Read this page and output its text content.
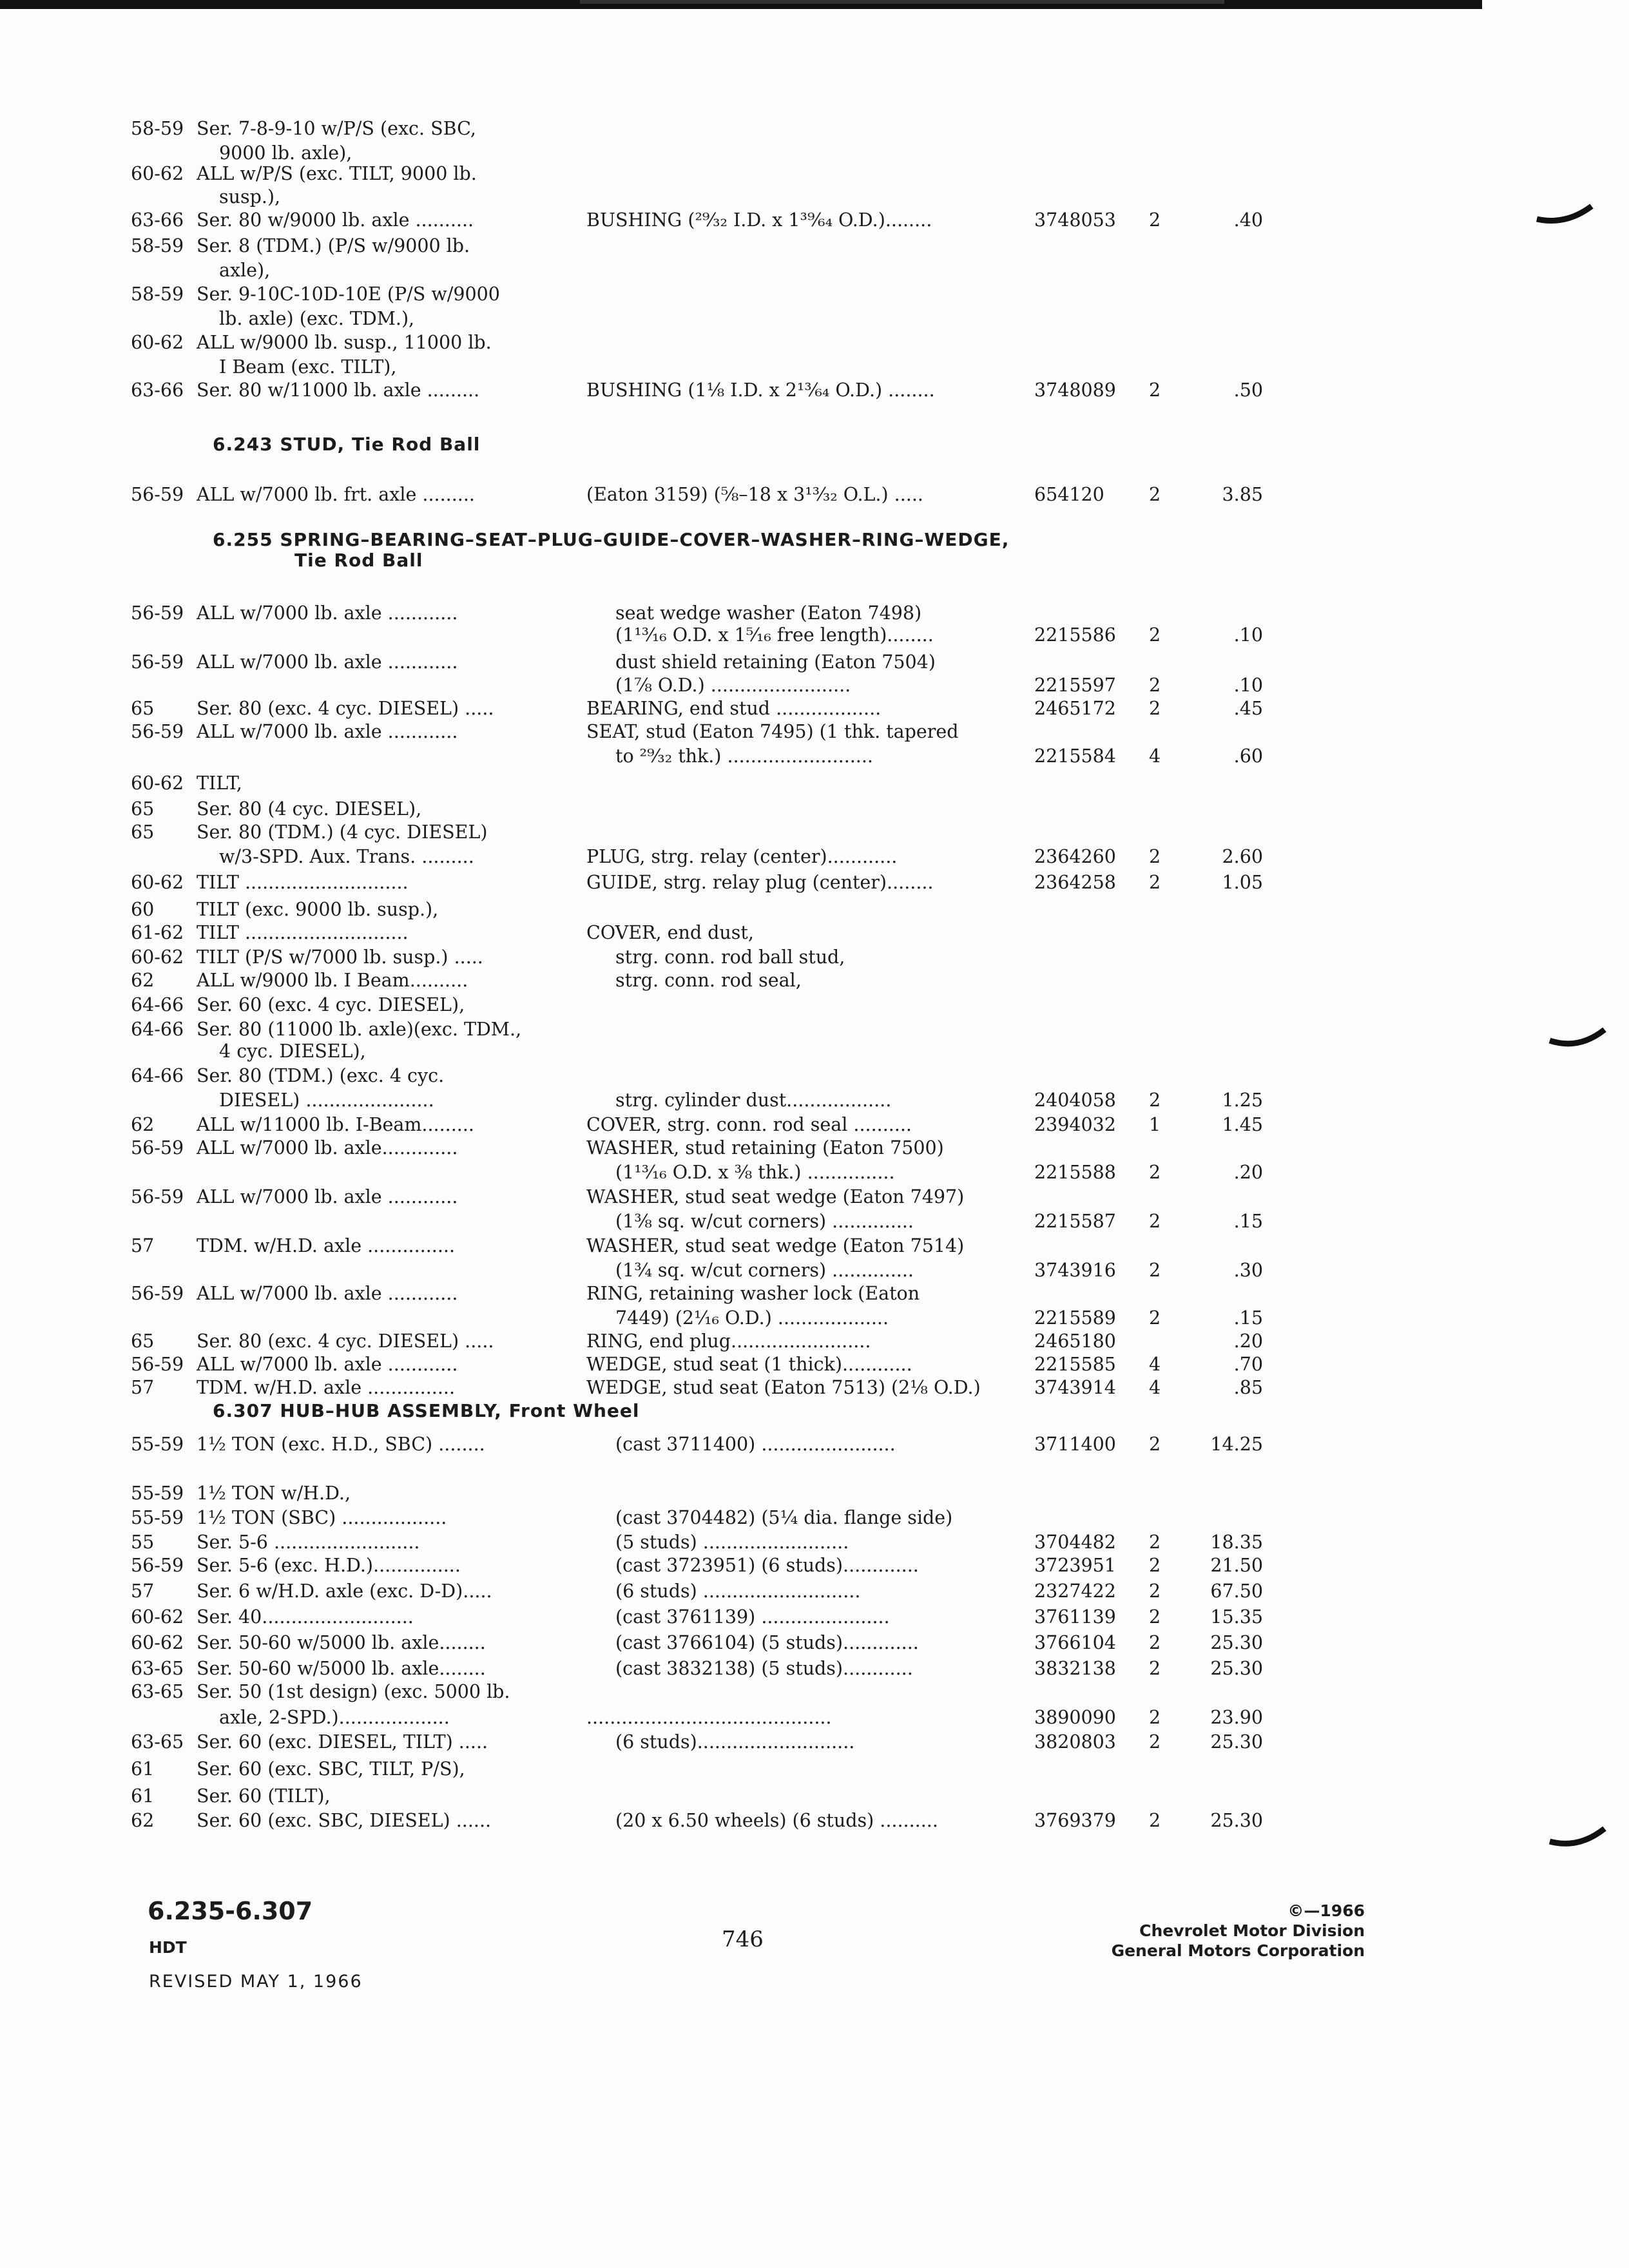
58-59 Ser. 7-8-9-10 w/P/S (exc. SBC,
9000 lb. axle),
60-62 ALL w/P/S (exc. TILT, 9000 lb.
susp.),
63-66 Ser. 80 w/9000 lb. axle ..........	BUSHING (²⁹⁄₃₂ I.D. x 1³⁹⁄₆₄ O.D.)........	3748053 2	.40
58-59 Ser. 8 (TDM.) (P/S w/9000 lb.
axle),
58-59 Ser. 9-10C-10D-10E (P/S w/9000
lb. axle) (exc. TDM.),
60-62 ALL w/9000 lb. susp., 11000 lb.
I Beam (exc. TILT),
63-66 Ser. 80 w/11000 lb. axle .........	BUSHING (1⅛ I.D. x 2¹³⁄₆₄ O.D.) ........	3748089 2	.50
6.243 STUD, Tie Rod Ball
56-59 ALL w/7000 lb. frt. axle .........	(Eaton 3159) (⅝–18 x 3¹³⁄₃₂ O.L.) .....	654120 2	3.85
6.255 SPRING–BEARING–SEAT–PLUG–GUIDE–COVER–WASHER–RING–WEDGE,
Tie Rod Ball
56-59 ALL w/7000 lb. axle ............	seat wedge washer (Eaton 7498)
(1¹³⁄₁₆ O.D. x 1⁵⁄₁₆ free length)........	2215586 2	.10
56-59 ALL w/7000 lb. axle ............	dust shield retaining (Eaton 7504)
(1⅞ O.D.) ........................	2215597 2	.10
65 Ser. 80 (exc. 4 cyc. DIESEL) .....	BEARING, end stud ..................	2465172 2	.45
56-59 ALL w/7000 lb. axle ............	SEAT, stud (Eaton 7495) (1 thk. tapered
to ²⁹⁄₃₂ thk.) .........................	2215584 4	.60
60-62 TILT,
65 Ser. 80 (4 cyc. DIESEL),
65 Ser. 80 (TDM.) (4 cyc. DIESEL)
w/3-SPD. Aux. Trans. .........	PLUG, strg. relay (center)............	2364260 2	2.60
60-62 TILT ............................	GUIDE, strg. relay plug (center)........	2364258 2	1.05
60 TILT (exc. 9000 lb. susp.),
61-62 TILT ............................	COVER, end dust,
60-62 TILT (P/S w/7000 lb. susp.) .....	strg. conn. rod ball stud,
62 ALL w/9000 lb. I Beam..........	strg. conn. rod seal,
64-66 Ser. 60 (exc. 4 cyc. DIESEL),
64-66 Ser. 80 (11000 lb. axle)(exc. TDM.,
4 cyc. DIESEL),
64-66 Ser. 80 (TDM.) (exc. 4 cyc.
DIESEL) ......................	strg. cylinder dust..................	2404058 2	1.25
62 ALL w/11000 lb. I-Beam.........	COVER, strg. conn. rod seal ..........	2394032 1	1.45
56-59 ALL w/7000 lb. axle.............	WASHER, stud retaining (Eaton 7500)
(1¹³⁄₁₆ O.D. x ⅜ thk.) ...............	2215588 2	.20
56-59 ALL w/7000 lb. axle ............	WASHER, stud seat wedge (Eaton 7497)
(1⅜ sq. w/cut corners) ..............	2215587 2	.15
57 TDM. w/H.D. axle ...............	WASHER, stud seat wedge (Eaton 7514)
(1¾ sq. w/cut corners) ..............	3743916 2	.30
56-59 ALL w/7000 lb. axle ............	RING, retaining washer lock (Eaton
7449) (2¹⁄₁₆ O.D.) ...................	2215589 2	.15
65 Ser. 80 (exc. 4 cyc. DIESEL) .....	RING, end plug........................	2465180	.20
56-59 ALL w/7000 lb. axle ............	WEDGE, stud seat (1 thick)............	2215585 4	.70
57 TDM. w/H.D. axle ...............	WEDGE, stud seat (Eaton 7513) (2⅛ O.D.)	3743914 4	.85
6.307 HUB–HUB ASSEMBLY, Front Wheel
55-59 1½ TON (exc. H.D., SBC) ........	(cast 3711400) .......................	3711400 2	14.25
55-59 1½ TON w/H.D.,
55-59 1½ TON (SBC) ..................	(cast 3704482) (5¼ dia. flange side)
55 Ser. 5-6 .........................	(5 studs) .........................	3704482 2	18.35
56-59 Ser. 5-6 (exc. H.D.)...............	(cast 3723951) (6 studs).............	3723951 2	21.50
57 Ser. 6 w/H.D. axle (exc. D-D).....	(6 studs) ...........................	2327422 2	67.50
60-62 Ser. 40..........................	(cast 3761139) ......................	3761139 2	15.35
60-62 Ser. 50-60 w/5000 lb. axle........	(cast 3766104) (5 studs).............	3766104 2	25.30
63-65 Ser. 50-60 w/5000 lb. axle........	(cast 3832138) (5 studs)............	3832138 2	25.30
63-65 Ser. 50 (1st design) (exc. 5000 lb.
axle, 2-SPD.)...................	..........................................	3890090 2	23.90
63-65 Ser. 60 (exc. DIESEL, TILT) .....	(6 studs)...........................	3820803 2	25.30
61 Ser. 60 (exc. SBC, TILT, P/S),
61 Ser. 60 (TILT),
62 Ser. 60 (exc. SBC, DIESEL) ......	(20 x 6.50 wheels) (6 studs) ..........	3769379 2	25.30
6.235-6.307
HDT
REVISED MAY 1, 1966
746
©—1966
Chevrolet Motor Division
General Motors Corporation
